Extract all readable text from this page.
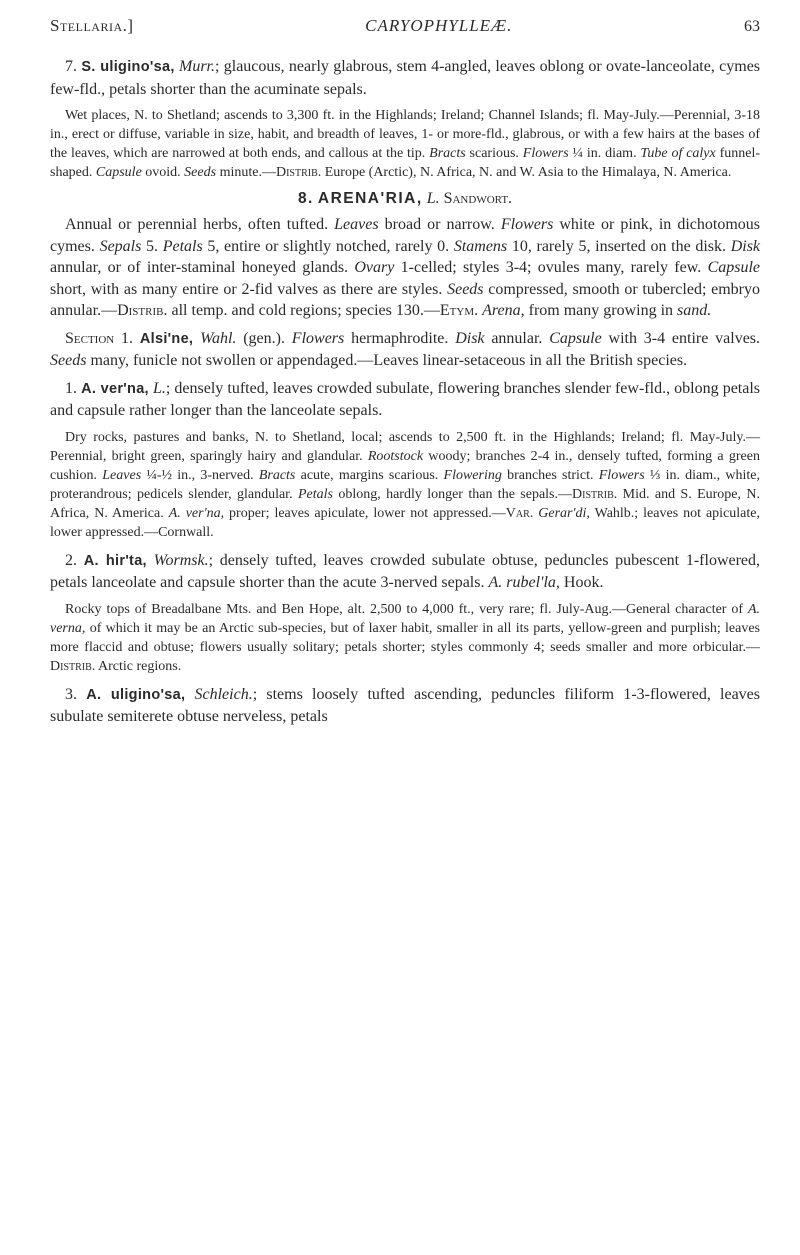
Stellaria.]	CARYOPHYLLEÆ.	63

7. S. uligino'sa, Murr.; glaucous, nearly glabrous, stem 4-angled, leaves oblong or ovate-lanceolate, cymes few-fld., petals shorter than the acuminate sepals.

Wet places, N. to Shetland; ascends to 3,300 ft. in the Highlands; Ireland; Channel Islands; fl. May-July.—Perennial, 3-18 in., erect or diffuse, variable in size, habit, and breadth of leaves, 1- or more-fld., glabrous, or with a few hairs at the bases of the leaves, which are narrowed at both ends, and callous at the tip. Bracts scarious. Flowers ¼ in. diam. Tube of calyx funnel-shaped. Capsule ovoid. Seeds minute.—Distrib. Europe (Arctic), N. Africa, N. and W. Asia to the Himalaya, N. America.

8. ARENA'RIA, L. Sandwort.

Annual or perennial herbs, often tufted. Leaves broad or narrow. Flowers white or pink, in dichotomous cymes. Sepals 5. Petals 5, entire or slightly notched, rarely 0. Stamens 10, rarely 5, inserted on the disk. Disk annular, or of inter-staminal honeyed glands. Ovary 1-celled; styles 3-4; ovules many, rarely few. Capsule short, with as many entire or 2-fid valves as there are styles. Seeds compressed, smooth or tubercled; embryo annular.—Distrib. all temp. and cold regions; species 130.—Etym. Arena, from many growing in sand.

Section 1. Alsi'ne, Wahl. (gen.). Flowers hermaphrodite. Disk annular. Capsule with 3-4 entire valves. Seeds many, funicle not swollen or appendaged.—Leaves linear-setaceous in all the British species.

1. A. ver'na, L.; densely tufted, leaves crowded subulate, flowering branches slender few-fld., oblong petals and capsule rather longer than the lanceolate sepals.

Dry rocks, pastures and banks, N. to Shetland, local; ascends to 2,500 ft. in the Highlands; Ireland; fl. May-July.—Perennial, bright green, sparingly hairy and glandular. Rootstock woody; branches 2-4 in., densely tufted, forming a green cushion. Leaves ¼-½ in., 3-nerved. Bracts acute, margins scarious. Flowering branches strict. Flowers ⅓ in. diam., white, proterandrous; pedicels slender, glandular. Petals oblong, hardly longer than the sepals.—Distrib. Mid. and S. Europe, N. Africa, N. America. A. ver'na, proper; leaves apiculate, lower not appressed.—Var. Gerar'di, Wahlb.; leaves not apiculate, lower appressed.—Cornwall.

2. A. hir'ta, Wormsk.; densely tufted, leaves crowded subulate obtuse, peduncles pubescent 1-flowered, petals lanceolate and capsule shorter than the acute 3-nerved sepals. A. rubel'la, Hook.

Rocky tops of Breadalbane Mts. and Ben Hope, alt. 2,500 to 4,000 ft., very rare; fl. July-Aug.—General character of A. verna, of which it may be an Arctic sub-species, but of laxer habit, smaller in all its parts, yellow-green and purplish; leaves more flaccid and obtuse; flowers usually solitary; petals shorter; styles commonly 4; seeds smaller and more orbicular.—Distrib. Arctic regions.

3. A. uligino'sa, Schleich.; stems loosely tufted ascending, peduncles filiform 1-3-flowered, leaves subulate semiterete obtuse nerveless, petals
